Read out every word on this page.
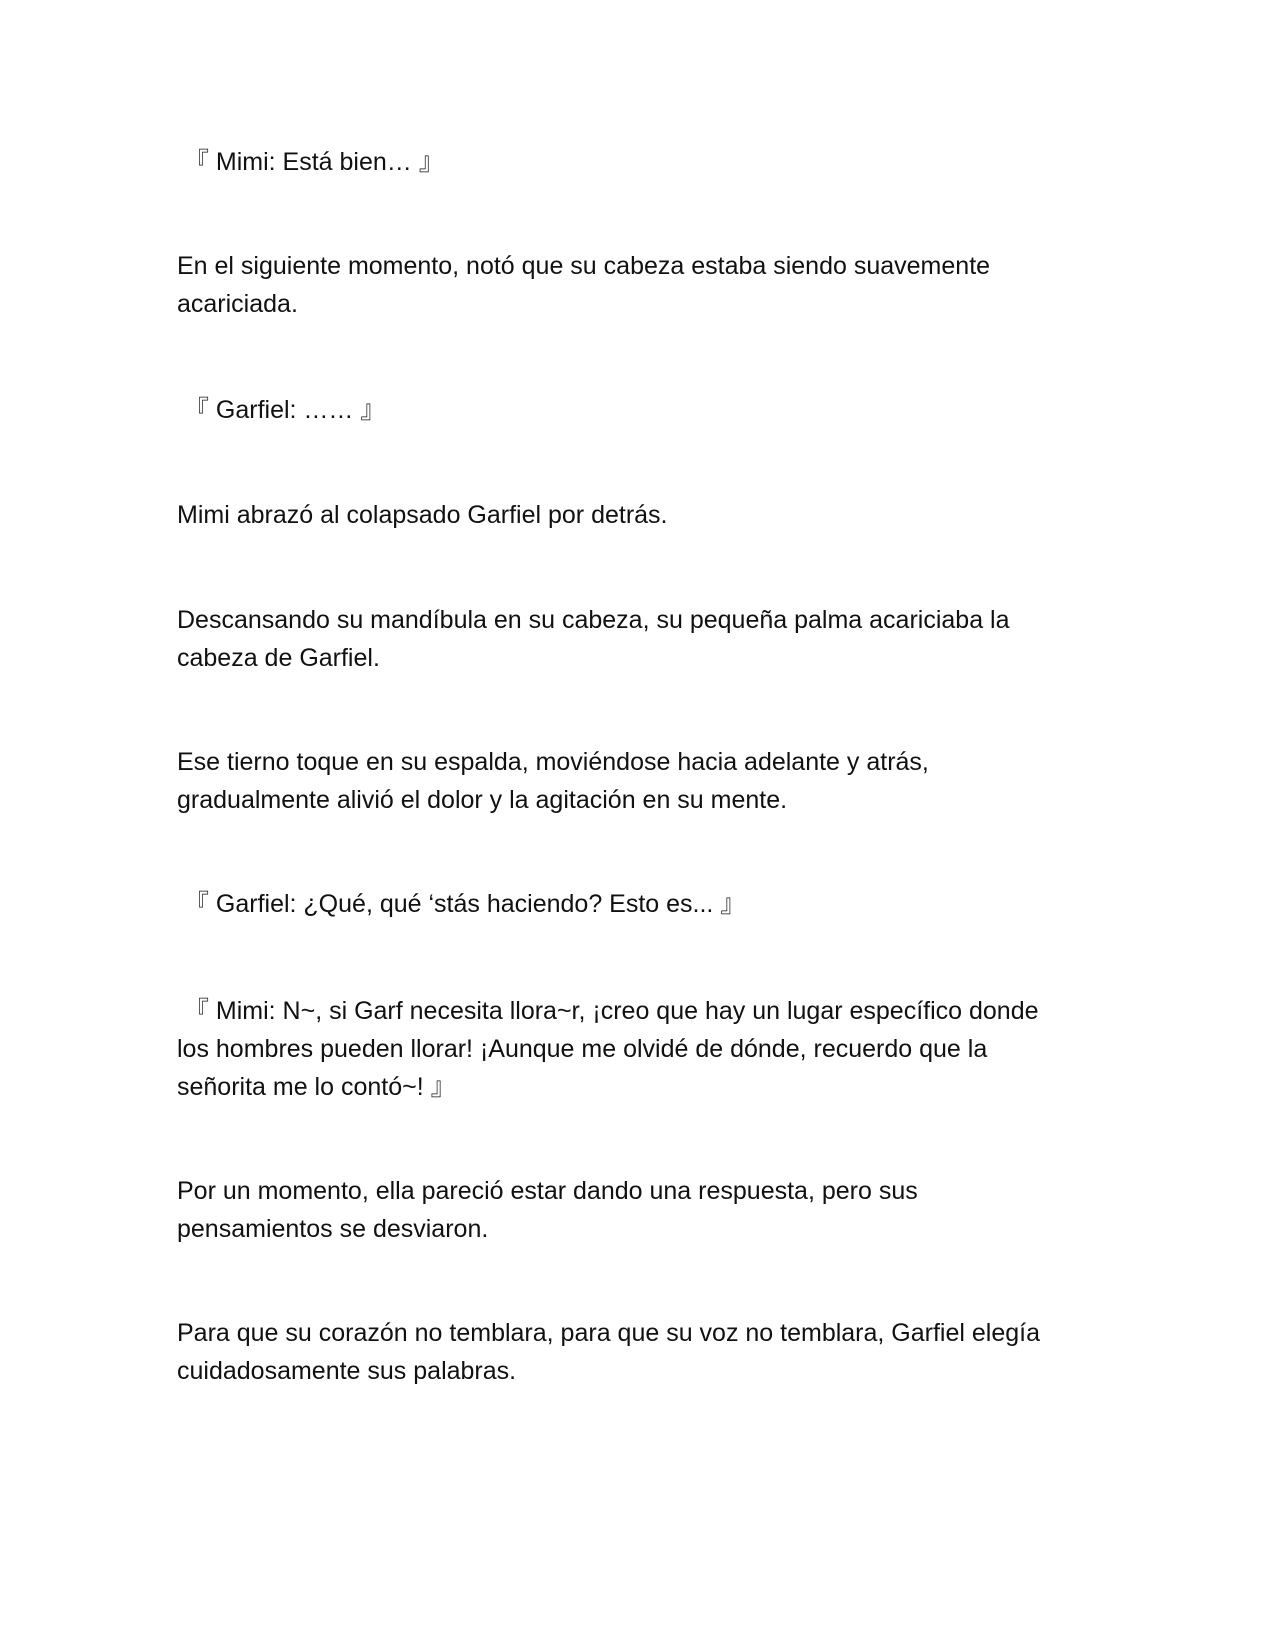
『 Mimi: Está bien… 』

En el siguiente momento, notó que su cabeza estaba siendo suavemente
acariciada.

『 Garfiel: …… 』

Mimi abrazó al colapsado Garfiel por detrás.

Descansando su mandíbula en su cabeza, su pequeña palma acariciaba la
cabeza de Garfiel.

Ese tierno toque en su espalda, moviéndose hacia adelante y atrás,
gradualmente alivió el dolor y la agitación en su mente.

『 Garfiel: ¿Qué, qué ‘stás haciendo? Esto es... 』

『 Mimi: N~, si Garf necesita llora~r, ¡creo que hay un lugar específico donde
los hombres pueden llorar! ¡Aunque me olvidé de dónde, recuerdo que la
señorita me lo contó~! 』

Por un momento, ella pareció estar dando una respuesta, pero sus
pensamientos se desviaron.

Para que su corazón no temblara, para que su voz no temblara, Garfiel elegía
cuidadosamente sus palabras.
